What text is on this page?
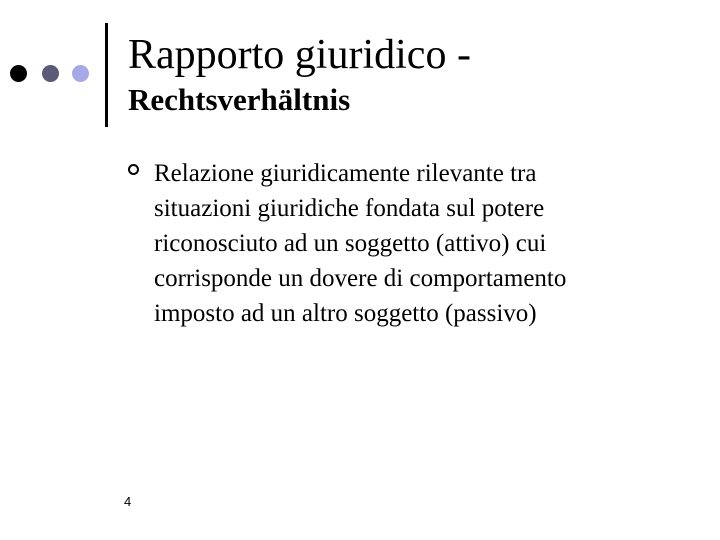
Rapporto giuridico -
Rechtsverhältnis
Relazione giuridicamente rilevante tra
situazioni giuridiche fondata sul potere
riconosciuto ad un soggetto (attivo) cui
corrisponde un dovere di comportamento
imposto ad un altro soggetto (passivo)
4
